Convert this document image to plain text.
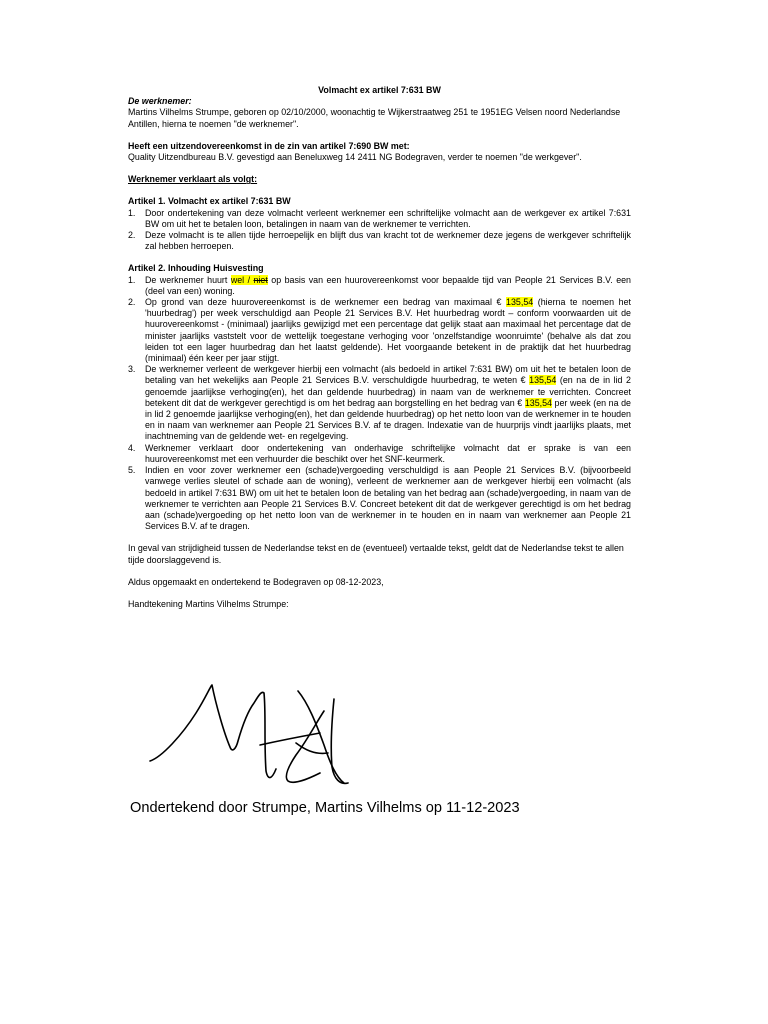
Volmacht ex artikel 7:631 BW

De werknemer:

Martins Vilhelms Strumpe, geboren op 02/10/2000, woonachtig te Wijkerstraatweg 251 te 1951EG Velsen noord Nederlandse Antillen, hierna te noemen "de werknemer".

Heeft een uitzendovereenkomst in de zin van artikel 7:690 BW met:

Quality Uitzendbureau B.V. gevestigd aan Beneluxweg 14 2411 NG Bodegraven, verder te noemen "de werkgever".

Werknemer verklaart als volgt:

Artikel 1. Volmacht ex artikel 7:631 BW

1. Door ondertekening van deze volmacht verleent werknemer een schriftelijke volmacht aan de werkgever ex artikel 7:631 BW om uit het te betalen loon, betalingen in naam van de werknemer te verrichten.
2. Deze volmacht is te allen tijde herroepelijk en blijft dus van kracht tot de werknemer deze jegens de werkgever schriftelijk zal hebben herroepen.

Artikel 2. Inhouding Huisvesting

1. De werknemer huurt wel / niet op basis van een huurovereenkomst voor bepaalde tijd van People 21 Services B.V. een (deel van een) woning.
2. Op grond van deze huurovereenkomst is de werknemer een bedrag van maximaal € 135,54 (hierna te noemen het 'huurbedrag') per week verschuldigd aan People 21 Services B.V. Het huurbedrag wordt – conform voorwaarden uit de huurovereenkomst - (minimaal) jaarlijks gewijzigd met een percentage dat gelijk staat aan maximaal het percentage dat de minister jaarlijks vaststelt voor de wettelijk toegestane verhoging voor 'onzelfstandige woonruimte' (behalve als dat zou leiden tot een lager huurbedrag dan het laatst geldende). Het voorgaande betekent in de praktijk dat het huurbedrag (minimaal) één keer per jaar stijgt.
3. De werknemer verleent de werkgever hierbij een volmacht (als bedoeld in artikel 7:631 BW) om uit het te betalen loon de betaling van het wekelijks aan People 21 Services B.V. verschuldigde huurbedrag, te weten € 135,54 (en na de in lid 2 genoemde jaarlijkse verhoging(en), het dan geldende huurbedrag) in naam van de werknemer te verrichten. Concreet betekent dit dat de werkgever gerechtigd is om het bedrag aan borgstelling en het bedrag van € 135,54 per week (en na de in lid 2 genoemde jaarlijkse verhoging(en), het dan geldende huurbedrag) op het netto loon van de werknemer in te houden en in naam van werknemer aan People 21 Services B.V. af te dragen. Indexatie van de huurprijs vindt jaarlijks plaats, met inachtneming van de geldende wet- en regelgeving.
4. Werknemer verklaart door ondertekening van onderhavige schriftelijke volmacht dat er sprake is van een huurovereenkomst met een verhuurder die beschikt over het SNF-keurmerk.
5. Indien en voor zover werknemer een (schade)vergoeding verschuldigd is aan People 21 Services B.V. (bijvoorbeeld vanwege verlies sleutel of schade aan de woning), verleent de werknemer aan de werkgever hierbij een volmacht (als bedoeld in artikel 7:631 BW) om uit het te betalen loon de betaling van het bedrag aan (schade)vergoeding, in naam van de werknemer te verrichten aan People 21 Services B.V. Concreet betekent dit dat de werkgever gerechtigd is om het bedrag aan (schade)vergoeding op het netto loon van de werknemer in te houden en in naam van werknemer aan People 21 Services B.V. af te dragen.

In geval van strijdigheid tussen de Nederlandse tekst en de (eventueel) vertaalde tekst, geldt dat de Nederlandse tekst te allen tijde doorslaggevend is.

Aldus opgemaakt en ondertekend te Bodegraven op 08-12-2023,

Handtekening Martins Vilhelms Strumpe:

Ondertekend door Strumpe, Martins Vilhelms op 11-12-2023
